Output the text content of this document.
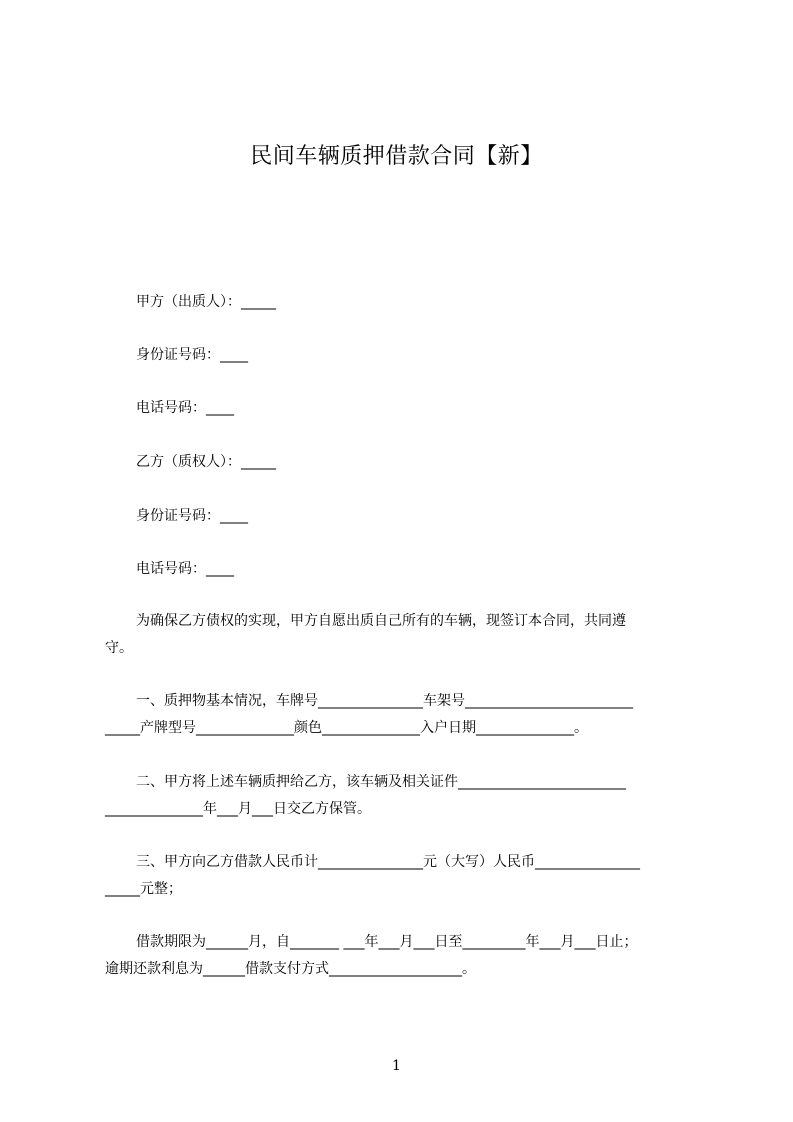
民间车辆质押借款合同【新】
甲方（出质人）：_____
身份证号码：____
电话号码：____
乙方（质权人）：_____
身份证号码：____
电话号码：____
为确保乙方债权的实现，甲方自愿出质自己所有的车辆，现签订本合同，共同遵
守。
一、质押物基本情况，车牌号_______________车架号________________________
_____产牌型号______________颜色______________入户日期______________。
二、甲方将上述车辆质押给乙方，该车辆及相关证件________________________
______________年___月___日交乙方保管。
三、甲方向乙方借款人民币计_______________元（大写）人民币_______________
_____元整；
借款期限为______月，自_______ ___年___月___日至_________年___月___日止；
逾期还款利息为______借款支付方式___________________。
1
